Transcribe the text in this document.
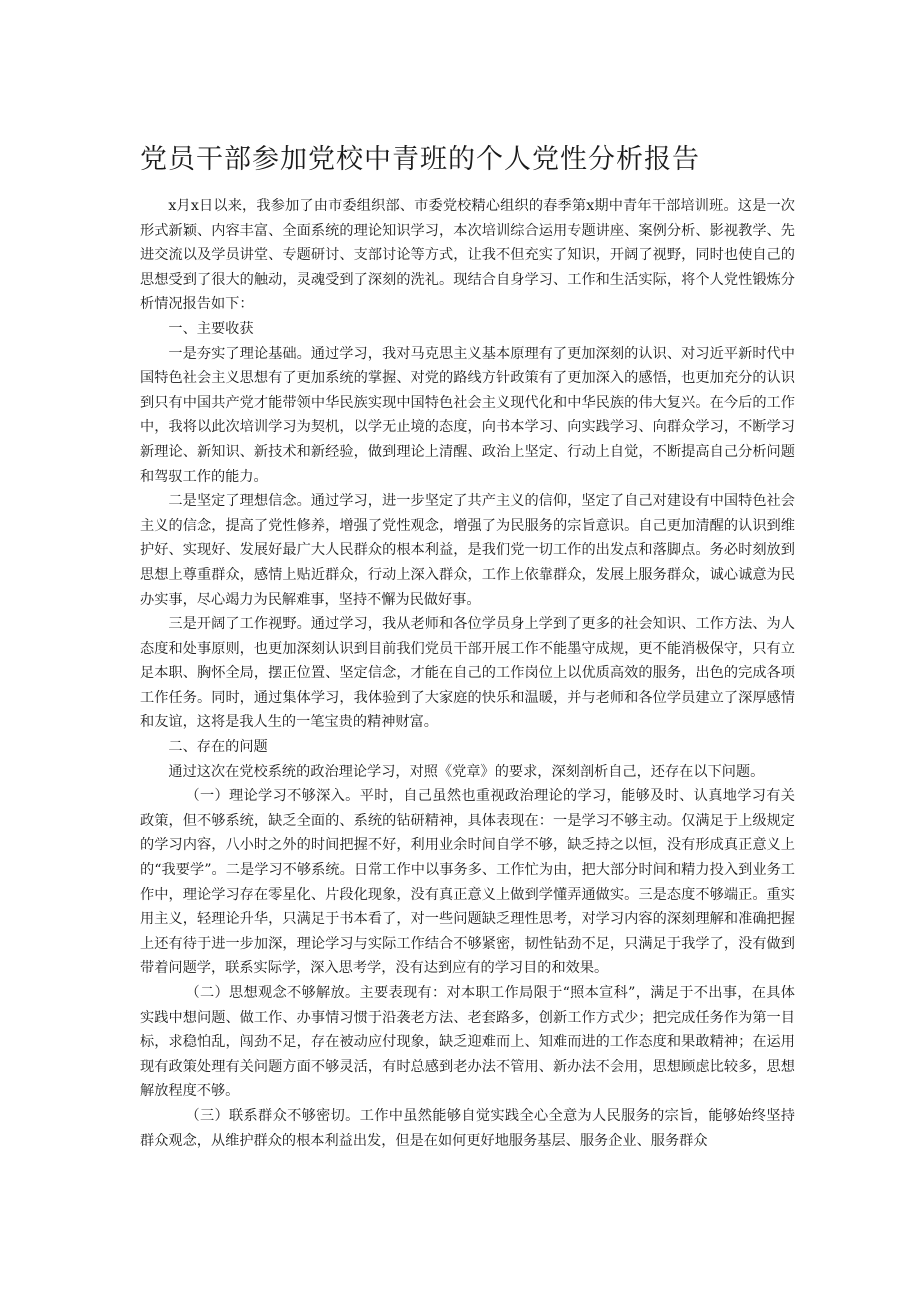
党员干部参加党校中青班的个人党性分析报告

x月x日以来，我参加了由市委组织部、市委党校精心组织的春季第x期中青年干部培训班。这是一次形式新颖、内容丰富、全面系统的理论知识学习，本次培训综合运用专题讲座、案例分析、影视教学、先进交流以及学员讲堂、专题研讨、支部讨论等方式，让我不但充实了知识，开阔了视野，同时也使自己的思想受到了很大的触动，灵魂受到了深刻的洗礼。现结合自身学习、工作和生活实际，将个人党性锻炼分析情况报告如下：

一、主要收获

一是夯实了理论基础。通过学习，我对马克思主义基本原理有了更加深刻的认识、对习近平新时代中国特色社会主义思想有了更加系统的掌握、对党的路线方针政策有了更加深入的感悟，也更加充分的认识到只有中国共产党才能带领中华民族实现中国特色社会主义现代化和中华民族的伟大复兴。在今后的工作中，我将以此次培训学习为契机，以学无止境的态度，向书本学习、向实践学习、向群众学习，不断学习新理论、新知识、新技术和新经验，做到理论上清醒、政治上坚定、行动上自觉，不断提高自己分析问题和驾驭工作的能力。

二是坚定了理想信念。通过学习，进一步坚定了共产主义的信仰，坚定了自己对建设有中国特色社会主义的信念，提高了党性修养，增强了党性观念，增强了为民服务的宗旨意识。自己更加清醒的认识到维护好、实现好、发展好最广大人民群众的根本利益，是我们党一切工作的出发点和落脚点。务必时刻放到思想上尊重群众，感情上贴近群众，行动上深入群众，工作上依靠群众，发展上服务群众，诚心诚意为民办实事，尽心竭力为民解难事，坚持不懈为民做好事。

三是开阔了工作视野。通过学习，我从老师和各位学员身上学到了更多的社会知识、工作方法、为人态度和处事原则，也更加深刻认识到目前我们党员干部开展工作不能墨守成规，更不能消极保守，只有立足本职、胸怀全局，摆正位置、坚定信念，才能在自己的工作岗位上以优质高效的服务，出色的完成各项工作任务。同时，通过集体学习，我体验到了大家庭的快乐和温暖，并与老师和各位学员建立了深厚感情和友谊，这将是我人生的一笔宝贵的精神财富。

二、存在的问题

通过这次在党校系统的政治理论学习，对照《党章》的要求，深刻剖析自己，还存在以下问题。

（一）理论学习不够深入。平时，自己虽然也重视政治理论的学习，能够及时、认真地学习有关政策，但不够系统，缺乏全面的、系统的钻研精神，具体表现在：一是学习不够主动。仅满足于上级规定的学习内容，八小时之外的时间把握不好，利用业余时间自学不够，缺乏持之以恒，没有形成真正意义上的“我要学”。二是学习不够系统。日常工作中以事务多、工作忙为由，把大部分时间和精力投入到业务工作中，理论学习存在零星化、片段化现象，没有真正意义上做到学懂弄通做实。三是态度不够端正。重实用主义，轻理论升华，只满足于书本看了，对一些问题缺乏理性思考，对学习内容的深刻理解和准确把握上还有待于进一步加深，理论学习与实际工作结合不够紧密，韧性钻劲不足，只满足于我学了，没有做到带着问题学，联系实际学，深入思考学，没有达到应有的学习目的和效果。

（二）思想观念不够解放。主要表现有：对本职工作局限于“照本宣科”，满足于不出事，在具体实践中想问题、做工作、办事情习惯于沿袭老方法、老套路多，创新工作方式少；把完成任务作为第一目标，求稳怕乱，闯劲不足，存在被动应付现象，缺乏迎难而上、知难而进的工作态度和果敢精神；在运用现有政策处理有关问题方面不够灵活，有时总感到老办法不管用、新办法不会用，思想顾虑比较多，思想解放程度不够。

（三）联系群众不够密切。工作中虽然能够自觉实践全心全意为人民服务的宗旨，能够始终坚持群众观念，从维护群众的根本利益出发，但是在如何更好地服务基层、服务企业、服务群众
